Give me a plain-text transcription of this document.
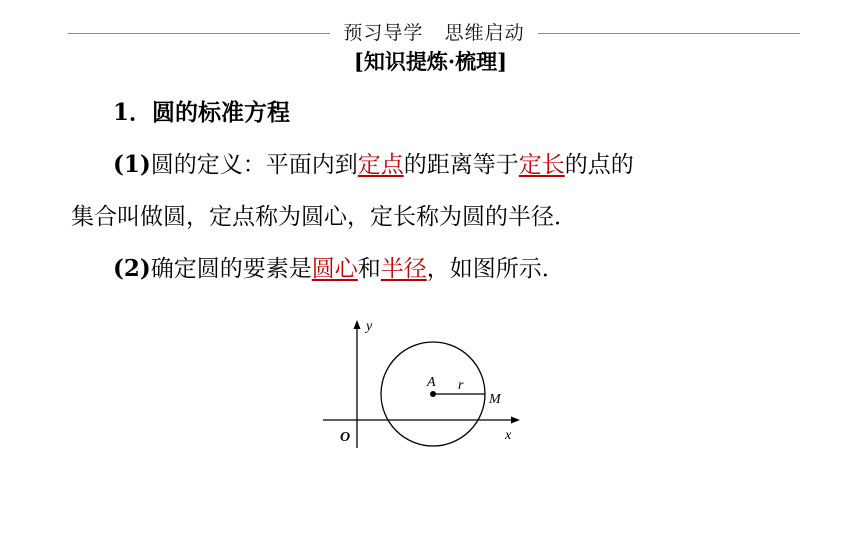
预习导学 思维启动
[知识提炼·梳理]
1．圆的标准方程
(1)圆的定义：平面内到定点的距离等于定长的点的
集合叫做圆，定点称为圆心，定长称为圆的半径．
(2)确定圆的要素是圆心和半径，如图所示．
y
x
O
A r
M
